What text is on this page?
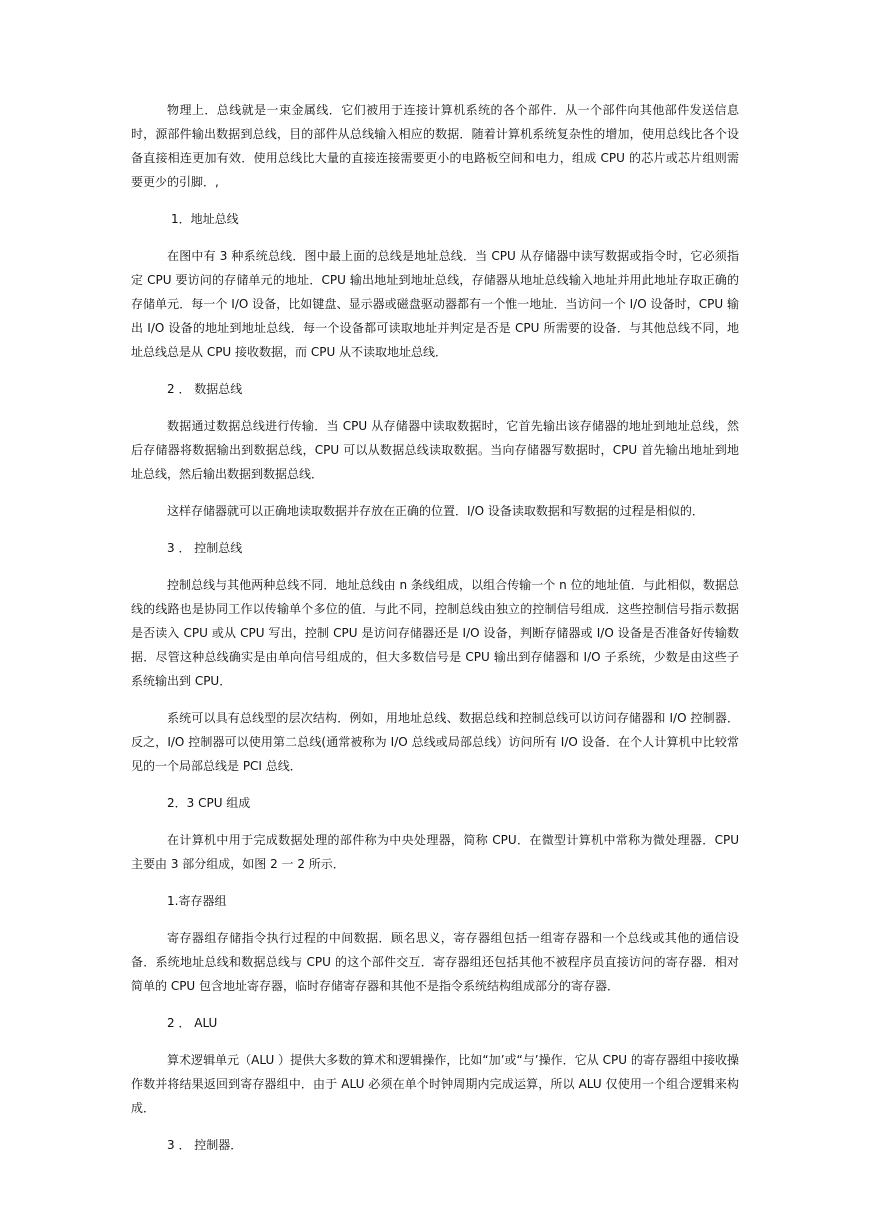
物理上．总线就是一束金属线．它们被用于连接计算机系统的各个部件．从一个部件向其他部件发送信息时，源部件输出数据到总线，目的部件从总线输入相应的数据．随着计算机系统复杂性的增加，使用总线比各个设备直接相连更加有效．使用总线比大量的直接连接需要更小的电路板空间和电力，组成 CPU 的芯片或芯片组则需要更少的引脚．,

1．地址总线

在图中有 3 种系统总线．图中最上面的总线是地址总线．当 CPU 从存储器中读写数据或指令时，它必须指定 CPU 要访问的存储单元的地址．CPU 输出地址到地址总线，存储器从地址总线输入地址并用此地址存取正确的存储单元．每一个 I/O 设备，比如键盘、显示器或磁盘驱动器都有一个惟一地址．当访问一个 I/O 设备时，CPU 输出 I/O 设备的地址到地址总线．每一个设备都可读取地址并判定是否是 CPU 所需要的设备．与其他总线不同，地址总线总是从 CPU 接收数据，而 CPU 从不读取地址总线．

2 ． 数据总线

数据通过数据总线进行传输．当 CPU 从存储器中读取数据时，它首先输出该存储器的地址到地址总线，然后存储器将数据输出到数据总线，CPU 可以从数据总线读取数据。当向存储器写数据时，CPU 首先输出地址到地址总线，然后输出数据到数据总线．

这样存储器就可以正确地读取数据并存放在正确的位置．I/O 设备读取数据和写数据的过程是相似的．

3 ． 控制总线

控制总线与其他两种总线不同．地址总线由 n 条线组成，以组合传输一个 n 位的地址值．与此相似，数据总线的线路也是协同工作以传输单个多位的值．与此不同，控制总线由独立的控制信号组成．这些控制信号指示数据是否读入 CPU 或从 CPU 写出，控制 CPU 是访问存储器还是 I/O 设备，判断存储器或 I/O 设备是否准备好传输数据．尽管这种总线确实是由单向信号组成的，但大多数信号是 CPU 输出到存储器和 I/O 子系统，少数是由这些子系统输出到 CPU．

系统可以具有总线型的层次结构．例如，用地址总线、数据总线和控制总线可以访问存储器和 I/O 控制器．反之，I/O 控制器可以使用第二总线(通常被称为 I/O 总线或局部总线）访问所有 I/O 设备．在个人计算机中比较常见的一个局部总线是 PCI 总线．

2．3 CPU 组成

在计算机中用于完成数据处理的部件称为中央处理器，简称 CPU．在微型计算机中常称为微处理器．CPU 主要由 3 部分组成，如图 2 一 2 所示．

1.寄存器组

寄存器组存储指令执行过程的中间数据．顾名思义，寄存器组包括一组寄存器和一个总线或其他的通信设备．系统地址总线和数据总线与 CPU 的这个部件交互．寄存器组还包括其他不被程序员直接访问的寄存器．相对简单的 CPU 包含地址寄存器，临时存储寄存器和其他不是指令系统结构组成部分的寄存器．

2 ． ALU

算术逻辑单元（ALU ）提供大多数的算术和逻辑操作，比如“加’或“与’操作．它从 CPU 的寄存器组中接收操作数并将结果返回到寄存器组中．由于 ALU 必须在单个时钟周期内完成运算，所以 ALU 仅使用一个组合逻辑来构成．

3 ． 控制器．
